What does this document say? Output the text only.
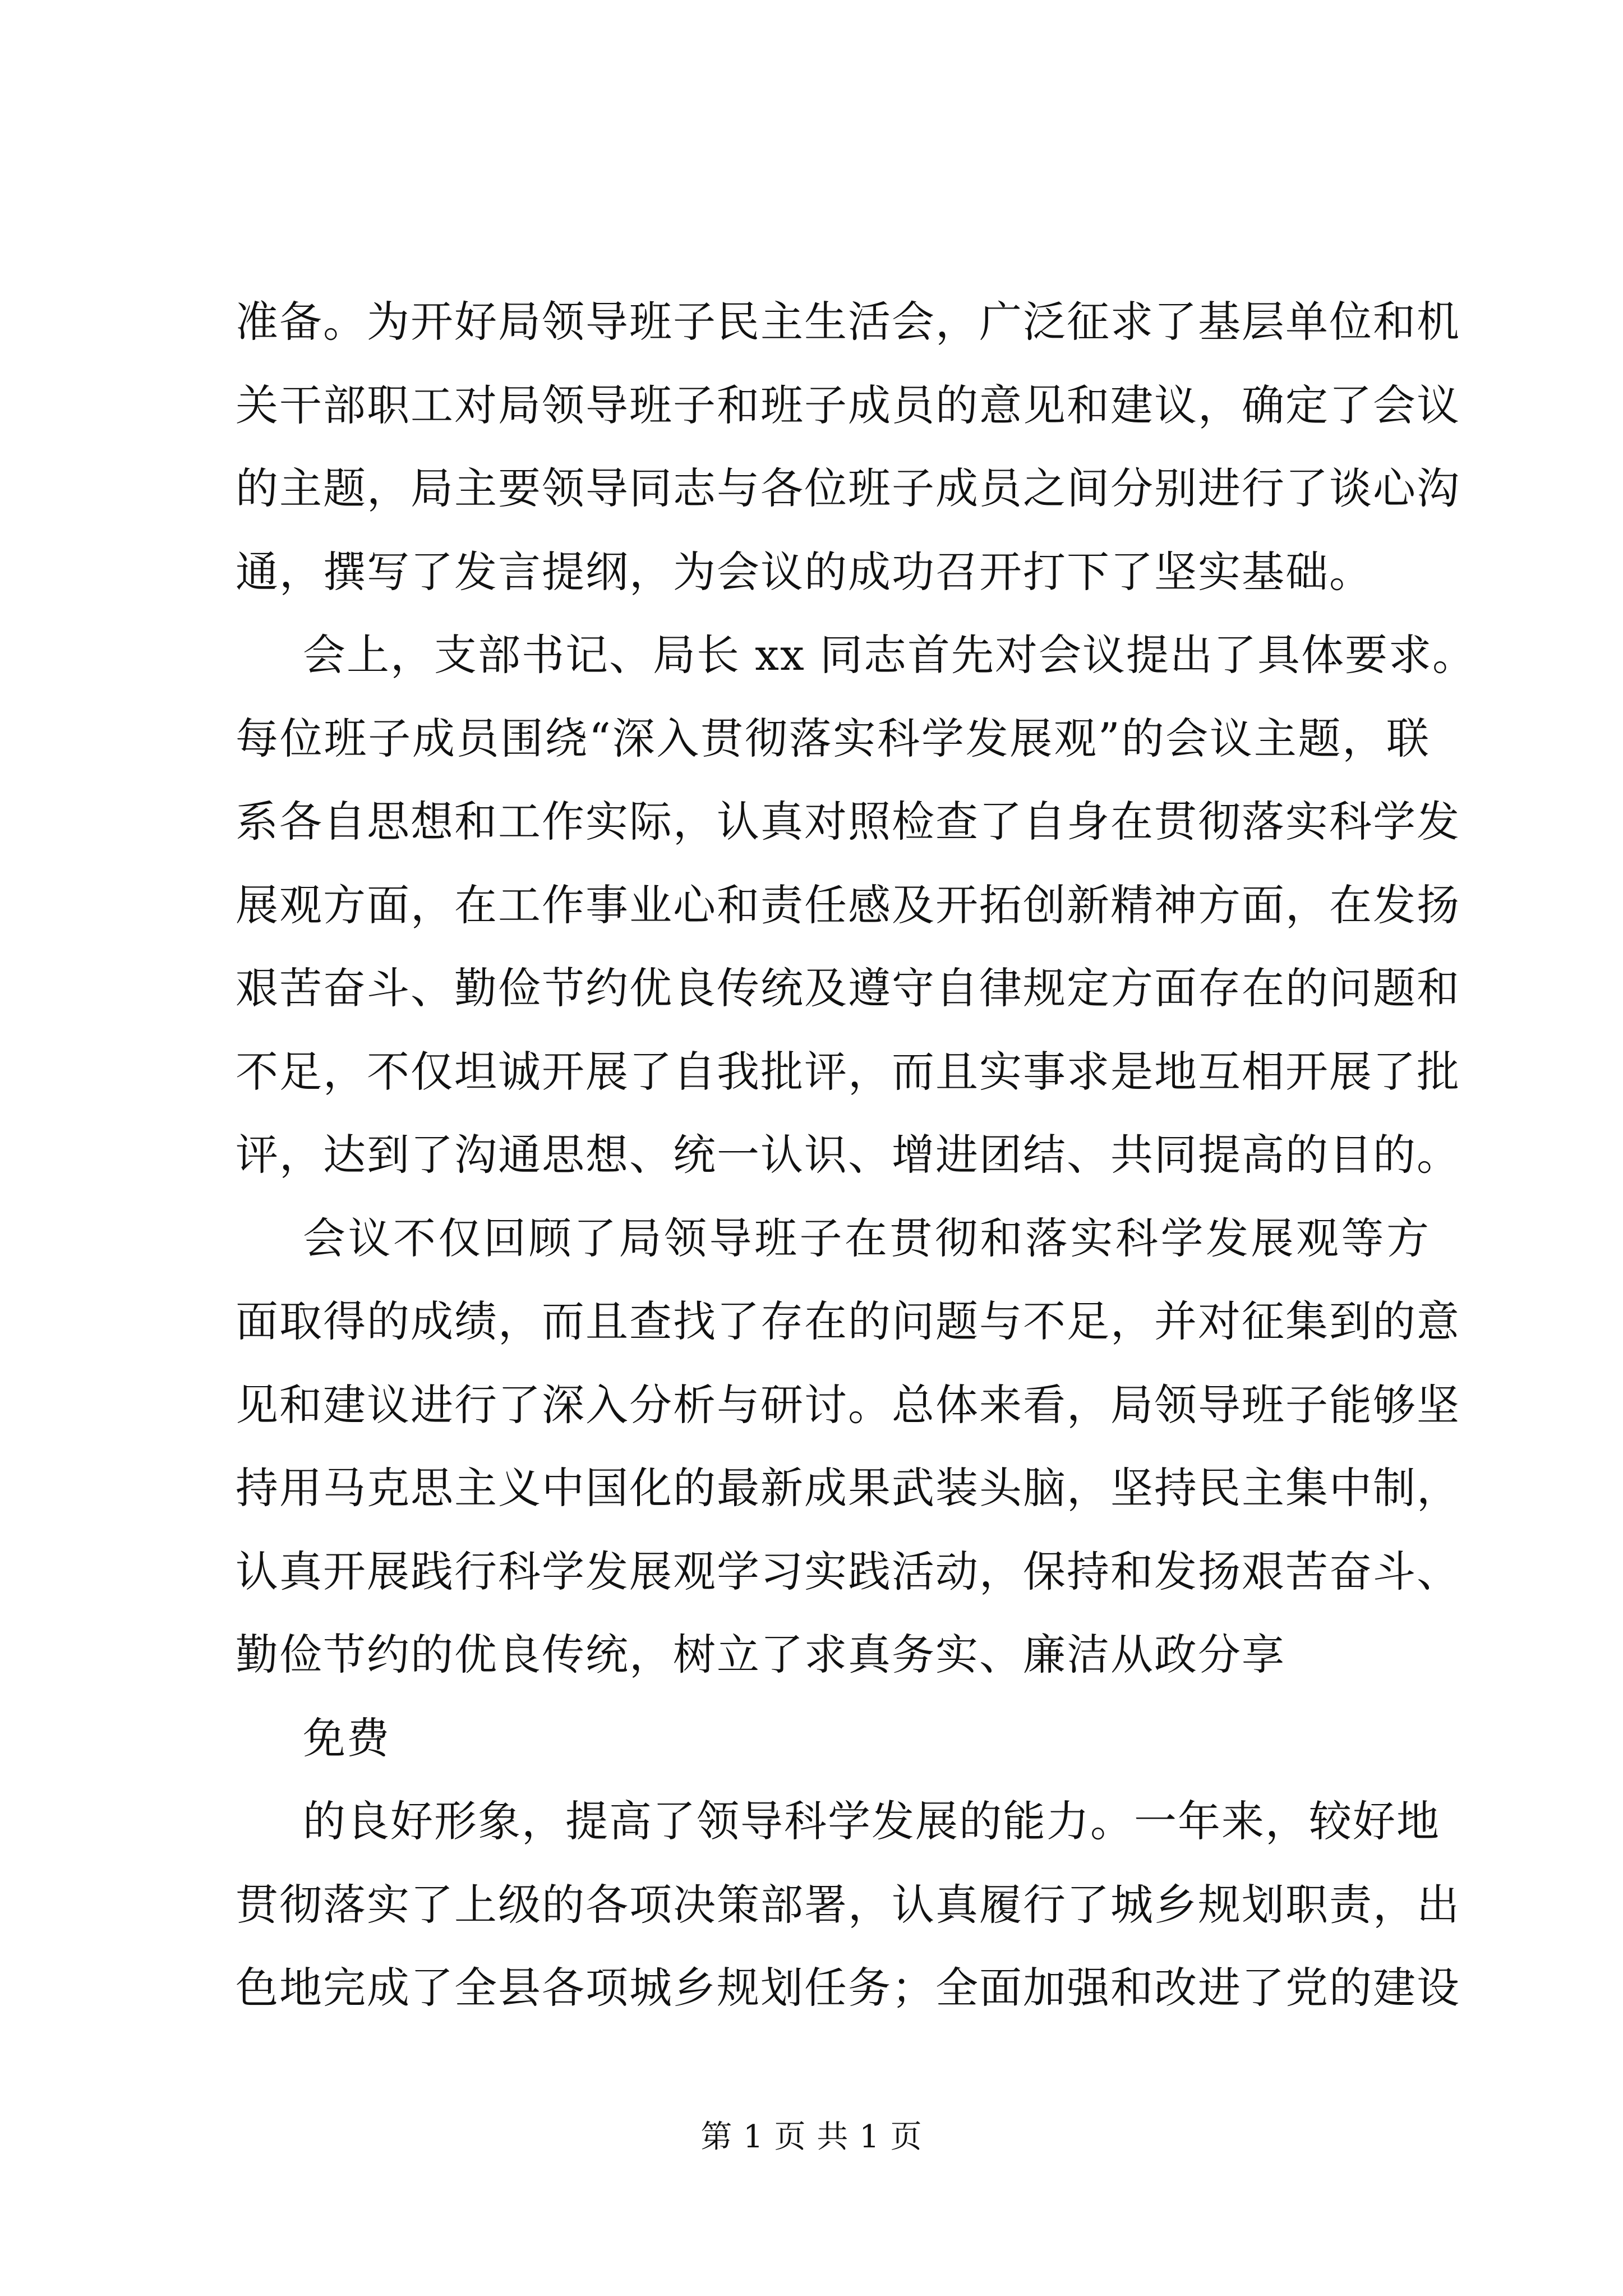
准备。为开好局领导班子民主生活会，广泛征求了基层单位和机
关干部职工对局领导班子和班子成员的意见和建议，确定了会议
的主题，局主要领导同志与各位班子成员之间分别进行了谈心沟
通，撰写了发言提纲，为会议的成功召开打下了坚实基础。
会上，支部书记、局长 xx 同志首先对会议提出了具体要求。
每位班子成员围绕“深入贯彻落实科学发展观”的会议主题，联
系各自思想和工作实际，认真对照检查了自身在贯彻落实科学发
展观方面，在工作事业心和责任感及开拓创新精神方面，在发扬
艰苦奋斗、勤俭节约优良传统及遵守自律规定方面存在的问题和
不足，不仅坦诚开展了自我批评，而且实事求是地互相开展了批
评，达到了沟通思想、统一认识、增进团结、共同提高的目的。
会议不仅回顾了局领导班子在贯彻和落实科学发展观等方
面取得的成绩，而且查找了存在的问题与不足，并对征集到的意
见和建议进行了深入分析与研讨。总体来看，局领导班子能够坚
持用马克思主义中国化的最新成果武装头脑，坚持民主集中制，
认真开展践行科学发展观学习实践活动，保持和发扬艰苦奋斗、
勤俭节约的优良传统，树立了求真务实、廉洁从政分享
免费
的良好形象，提高了领导科学发展的能力。一年来，较好地
贯彻落实了上级的各项决策部署，认真履行了城乡规划职责，出
色地完成了全县各项城乡规划任务；全面加强和改进了党的建设
第 1 页 共 1 页
